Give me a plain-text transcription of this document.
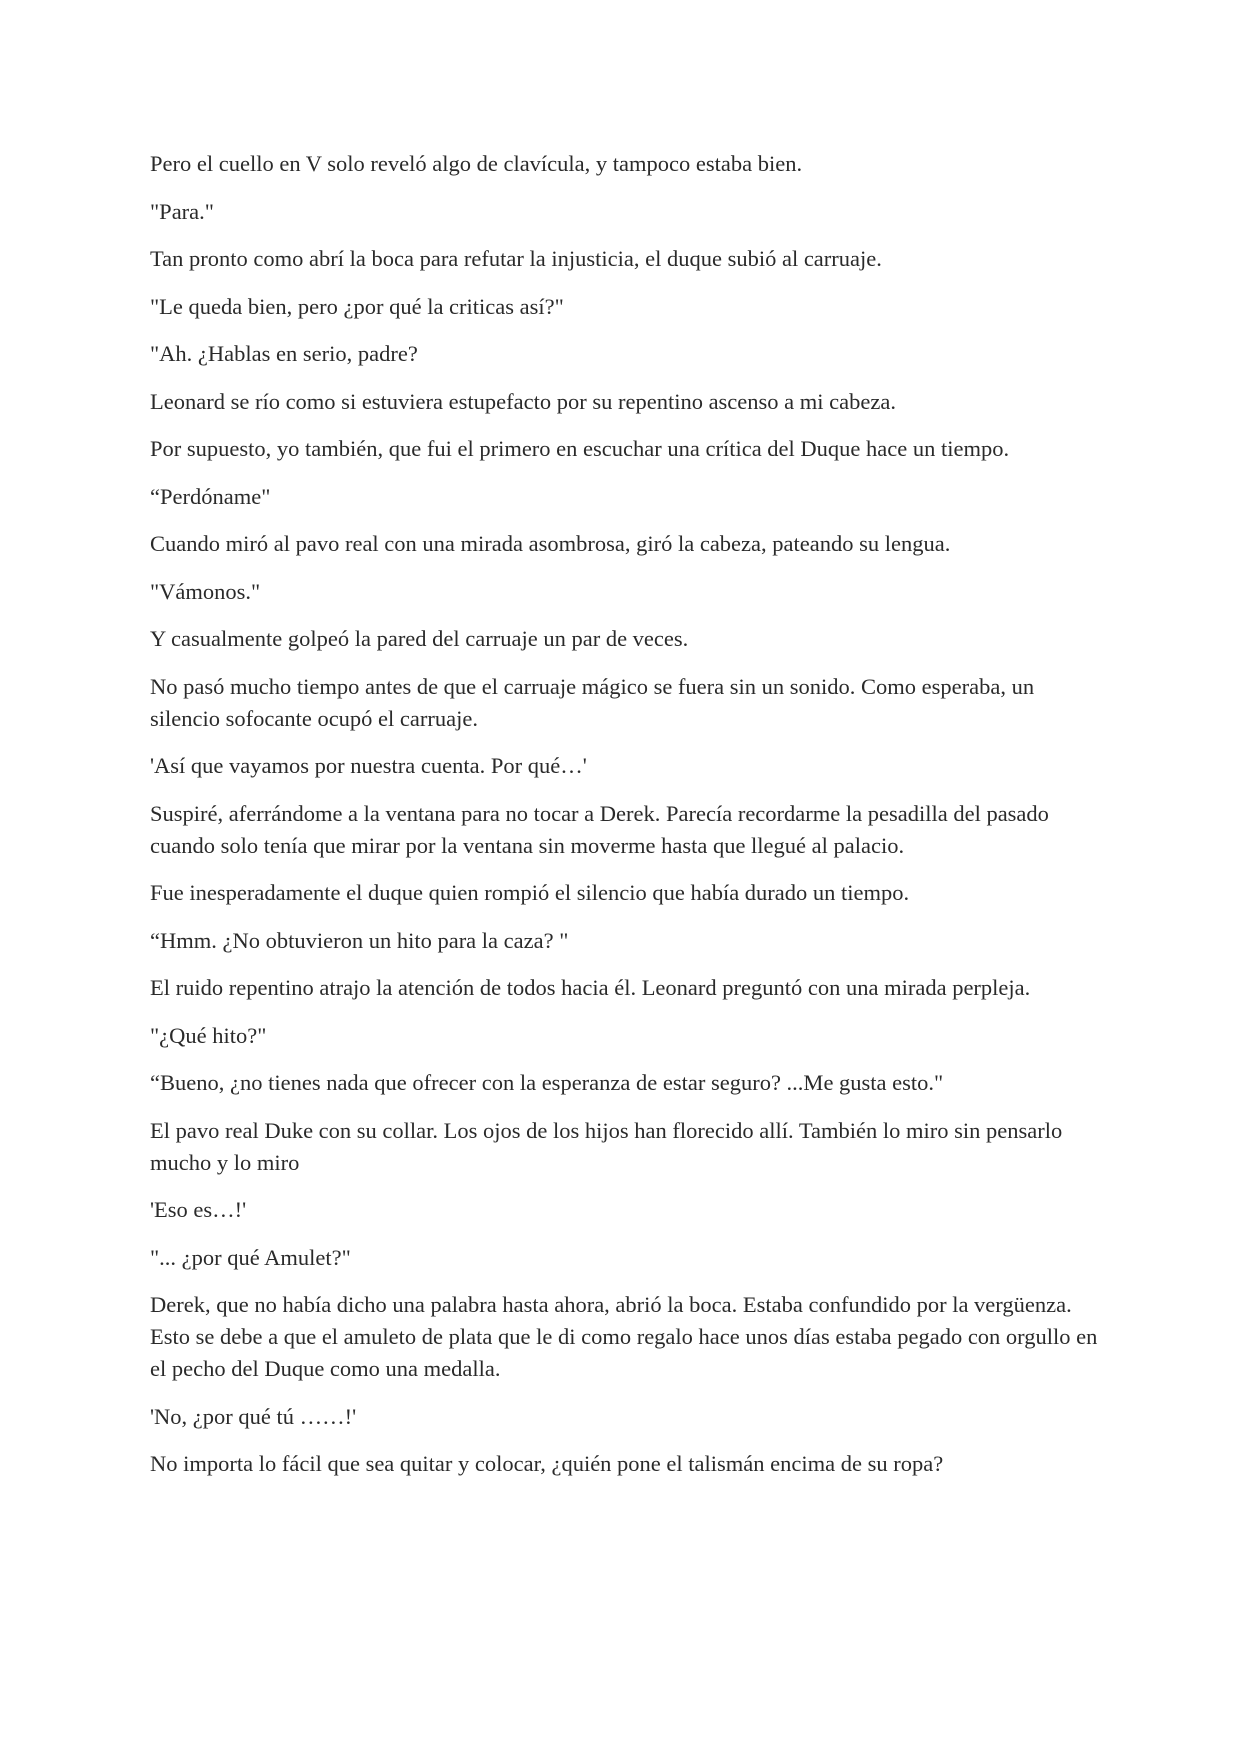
Pero el cuello en V solo reveló algo de clavícula, y tampoco estaba bien.

"Para."

Tan pronto como abrí la boca para refutar la injusticia, el duque subió al carruaje.

"Le queda bien, pero ¿por qué la criticas así?"

"Ah. ¿Hablas en serio, padre?

Leonard se río como si estuviera estupefacto por su repentino ascenso a mi cabeza.

Por supuesto, yo también, que fui el primero en escuchar una crítica del Duque hace un tiempo.

“Perdóname"

Cuando miró al pavo real con una mirada asombrosa, giró la cabeza, pateando su lengua.

"Vámonos."

Y casualmente golpeó la pared del carruaje un par de veces.

No pasó mucho tiempo antes de que el carruaje mágico se fuera sin un sonido. Como esperaba, un silencio sofocante ocupó el carruaje.

'Así que vayamos por nuestra cuenta. Por qué…'

Suspiré, aferrándome a la ventana para no tocar a Derek. Parecía recordarme la pesadilla del pasado cuando solo tenía que mirar por la ventana sin moverme hasta que llegué al palacio.

Fue inesperadamente el duque quien rompió el silencio que había durado un tiempo.

“Hmm. ¿No obtuvieron un hito para la caza? "

El ruido repentino atrajo la atención de todos hacia él. Leonard preguntó con una mirada perpleja.

"¿Qué hito?"

“Bueno, ¿no tienes nada que ofrecer con la esperanza de estar seguro? ...Me gusta esto."

El pavo real Duke con su collar. Los ojos de los hijos han florecido allí. También lo miro sin pensarlo mucho y lo miro

'Eso es…!'

"... ¿por qué Amulet?"

Derek, que no había dicho una palabra hasta ahora, abrió la boca. Estaba confundido por la vergüenza. Esto se debe a que el amuleto de plata que le di como regalo hace unos días estaba pegado con orgullo en el pecho del Duque como una medalla.

'No, ¿por qué tú ……!'

No importa lo fácil que sea quitar y colocar, ¿quién pone el talismán encima de su ropa?
